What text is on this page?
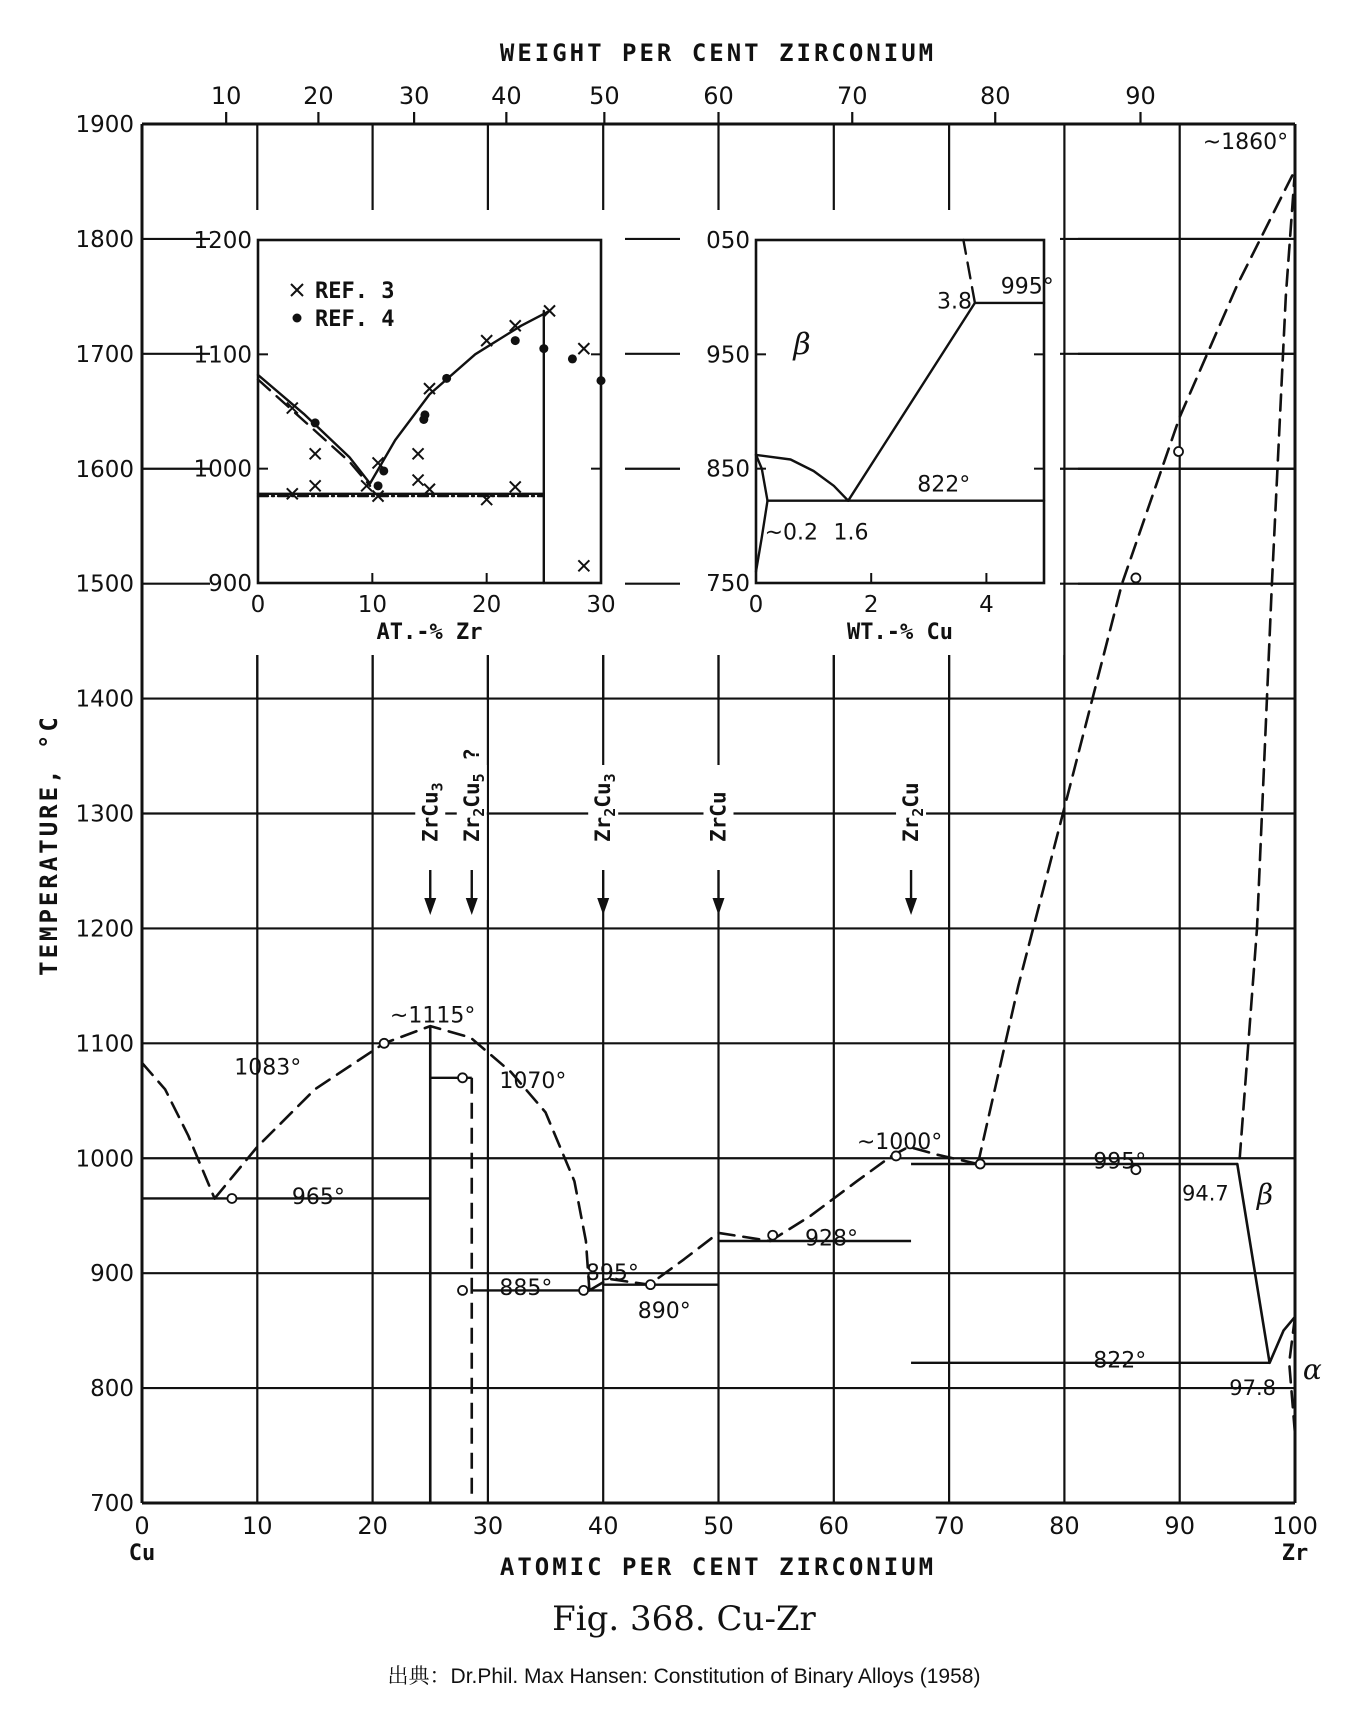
10	20	30	40	50	60	70	80	90
0	10	20	30	40	50	60	70	80	90	100
Cu	Zr
700
800
900
1000
1100
1200
1300
1400
1500
1600
1700
1800
1900
1083°
~1115°
1070°
965°
885°
895°
890°
928°
~1000°
995°
94.7
822°
97.8
~1860°
β
α
ZrCu$_3$
$Zr_2Cu_5$ ?
$Zr_2Cu_3$
ZrCu
$Zr_2Cu$
900
1000
1100
1200
0	10	20	30
AT.-% Zr
REF. 3
REF. 4
750
850
950
050
0	2	4
WT.-% Cu
β
995°
822°
3.8
~0.2 1.6
WEIGHT PER CENT ZIRCONIUM
ATOMIC PER CENT ZIRCONIUM
TEMPERATURE, °C
Fig. 368. Cu-Zr
出典：Dr.Phil. Max Hansen: Constitution of Binary Alloys (1958)
